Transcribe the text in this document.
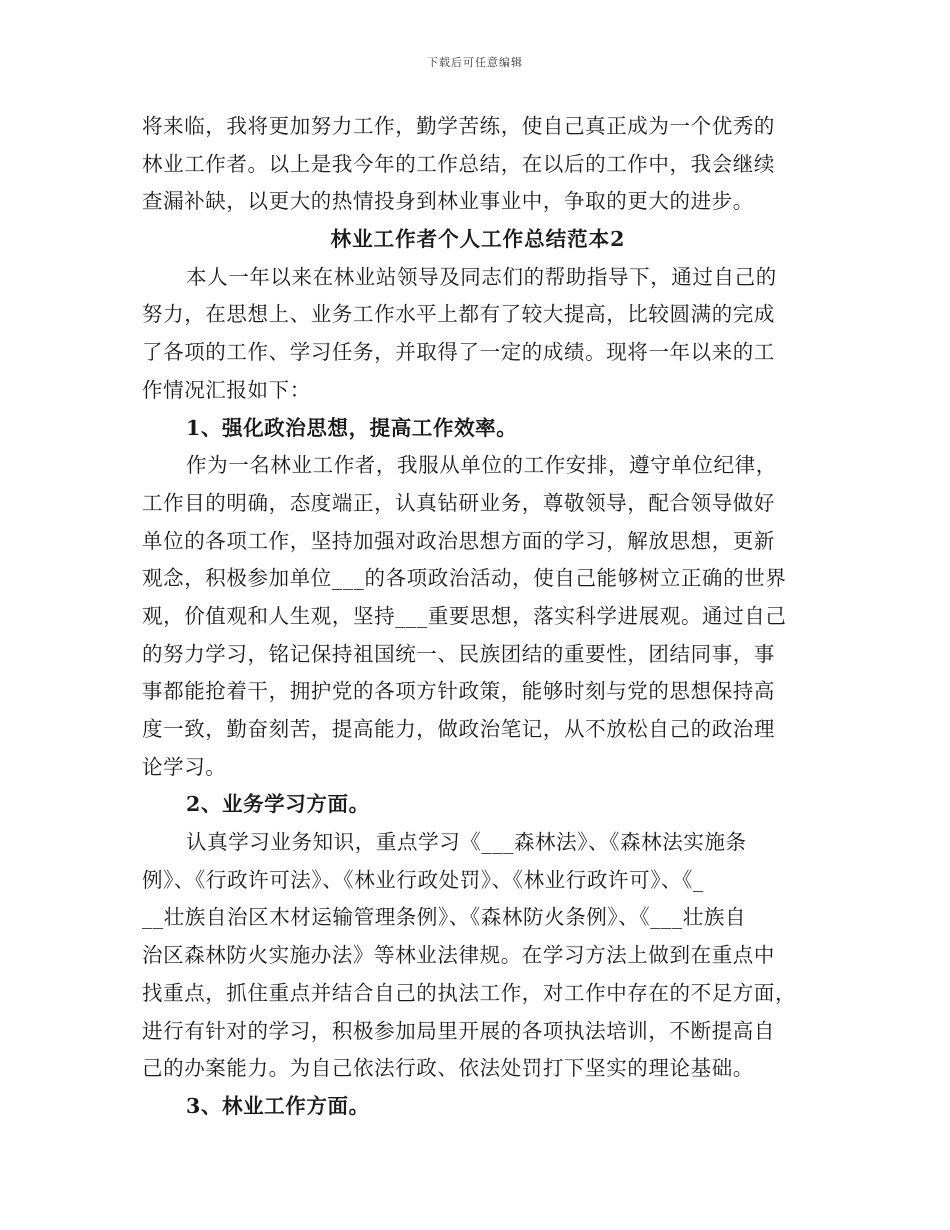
下载后可任意编辑
将来临，我将更加努力工作，勤学苦练，使自己真正成为一个优秀的
林业工作者。以上是我今年的工作总结，在以后的工作中，我会继续
查漏补缺，以更大的热情投身到林业事业中，争取的更大的进步。
林业工作者个人工作总结范本2
本人一年以来在林业站领导及同志们的帮助指导下，通过自己的
努力，在思想上、业务工作水平上都有了较大提高，比较圆满的完成
了各项的工作、学习任务，并取得了一定的成绩。现将一年以来的工
作情况汇报如下：
1、强化政治思想，提高工作效率。
作为一名林业工作者，我服从单位的工作安排，遵守单位纪律，
工作目的明确，态度端正，认真钻研业务，尊敬领导，配合领导做好
单位的各项工作，坚持加强对政治思想方面的学习，解放思想，更新
观念，积极参加单位___的各项政治活动，使自己能够树立正确的世界
观，价值观和人生观，坚持___重要思想，落实科学进展观。通过自己
的努力学习，铭记保持祖国统一、民族团结的重要性，团结同事，事
事都能抢着干，拥护党的各项方针政策，能够时刻与党的思想保持高
度一致，勤奋刻苦，提高能力，做政治笔记，从不放松自己的政治理
论学习。
2、业务学习方面。
认真学习业务知识，重点学习《___森林法》、《森林法实施条
例》、《行政许可法》、《林业行政处罚》、《林业行政许可》、《_
__壮族自治区木材运输管理条例》、《森林防火条例》、《___壮族自
治区森林防火实施办法》等林业法律规。在学习方法上做到在重点中
找重点，抓住重点并结合自己的执法工作，对工作中存在的不足方面，
进行有针对的学习，积极参加局里开展的各项执法培训，不断提高自
己的办案能力。为自己依法行政、依法处罚打下坚实的理论基础。
3、林业工作方面。
